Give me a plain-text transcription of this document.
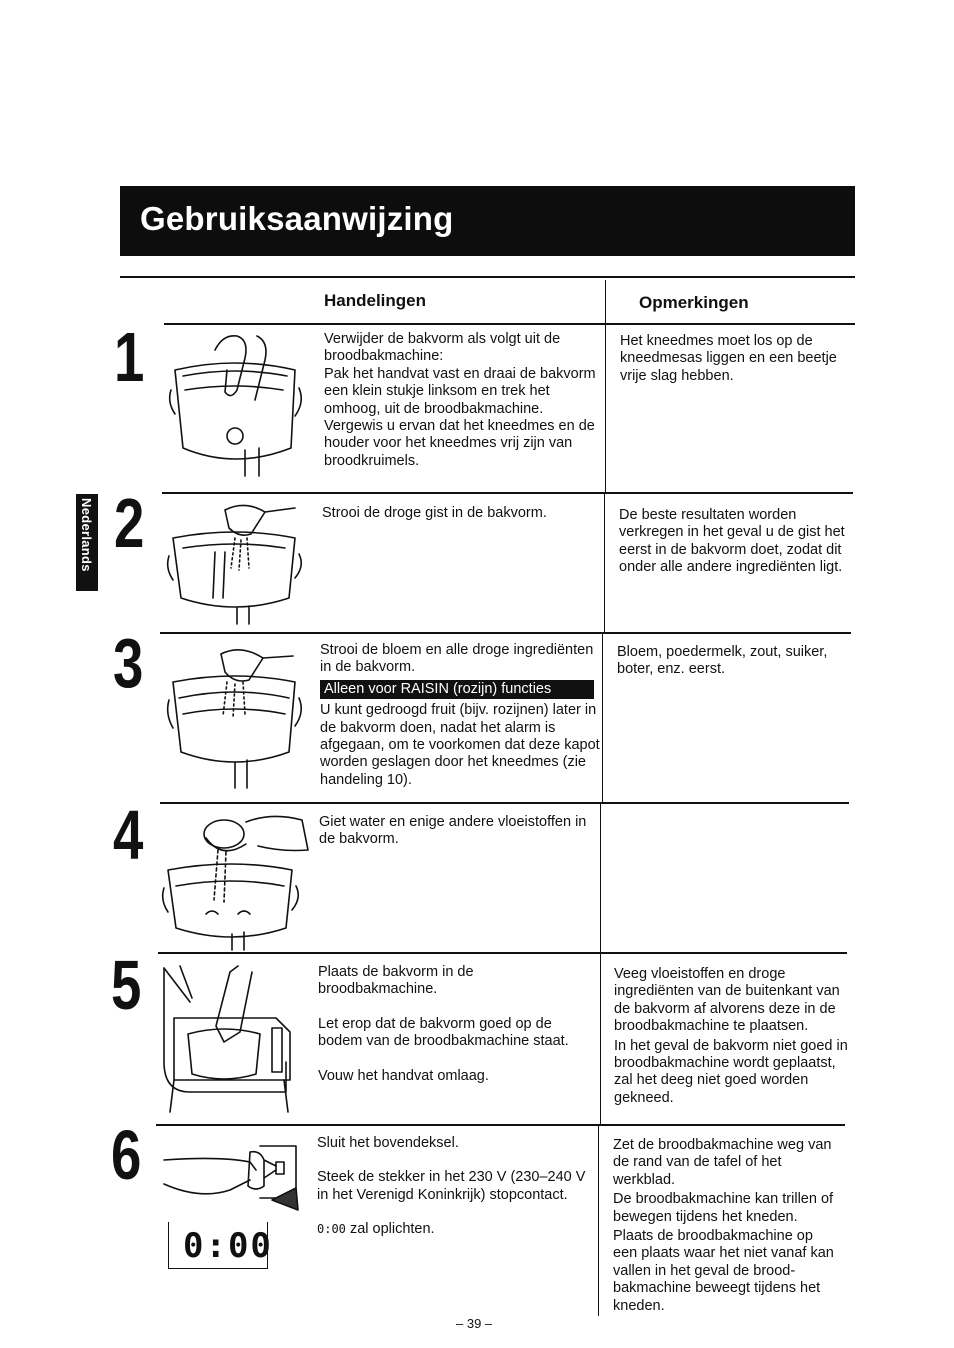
Gebruiksaanwijzing
Nederlands
Handelingen	Opmerkingen
1
2
3
4
5
6

Verwijder de bakvorm als volgt uit de broodbakmachine:

Pak het handvat vast en draai de bakvorm een klein stukje linksom en trek het omhoog, uit de broodbakmachine.

Vergewis u ervan dat het kneedmes en de houder voor het kneedmes vrij zijn van broodkruimels.

Het kneedmes moet los op de kneedmesas liggen en een beetje vrije slag hebben.

Strooi de droge gist in de bakvorm.	De beste resultaten worden verkregen in het geval u de gist het eerst in de bakvorm doet, zodat dit onder alle andere ingrediënten ligt.

Strooi de bloem en alle droge ingrediënten in de bakvorm.

Alleen voor RAISIN (rozijn) functies

U kunt gedroogd fruit (bijv. rozijnen) later in de bakvorm doen, nadat het alarm is afgegaan, om te voorkomen dat deze kapot worden geslagen door het kneedmes (zie handeling 10).

Bloem, poedermelk, zout, suiker, boter, enz. eerst.

Giet water en enige andere vloeistoffen in de bakvorm.

Plaats de bakvorm in de broodbakmachine.

Let erop dat de bakvorm goed op de bodem van de broodbakmachine staat.

Vouw het handvat omlaag.

Veeg vloeistoffen en droge ingrediënten van de buitenkant van de bakvorm af alvorens deze in de broodbakmachine te plaatsen.

In het geval de bakvorm niet goed in broodbakmachine wordt geplaatst, zal het deeg niet goed worden gekneed.

Sluit het bovendeksel.

Steek de stekker in het 230 V (230–240 V in het Verenigd Koninkrijk) stopcontact.

0:00 zal oplichten.

Zet de broodbakmachine weg van de rand van de tafel of het werkblad.

De broodbakmachine kan trillen of bewegen tijdens het kneden.

Plaats de broodbakmachine op een plaats waar het niet vanaf kan vallen in het geval de brood-bakmachine beweegt tijdens het kneden.

0:00
– 39 –
